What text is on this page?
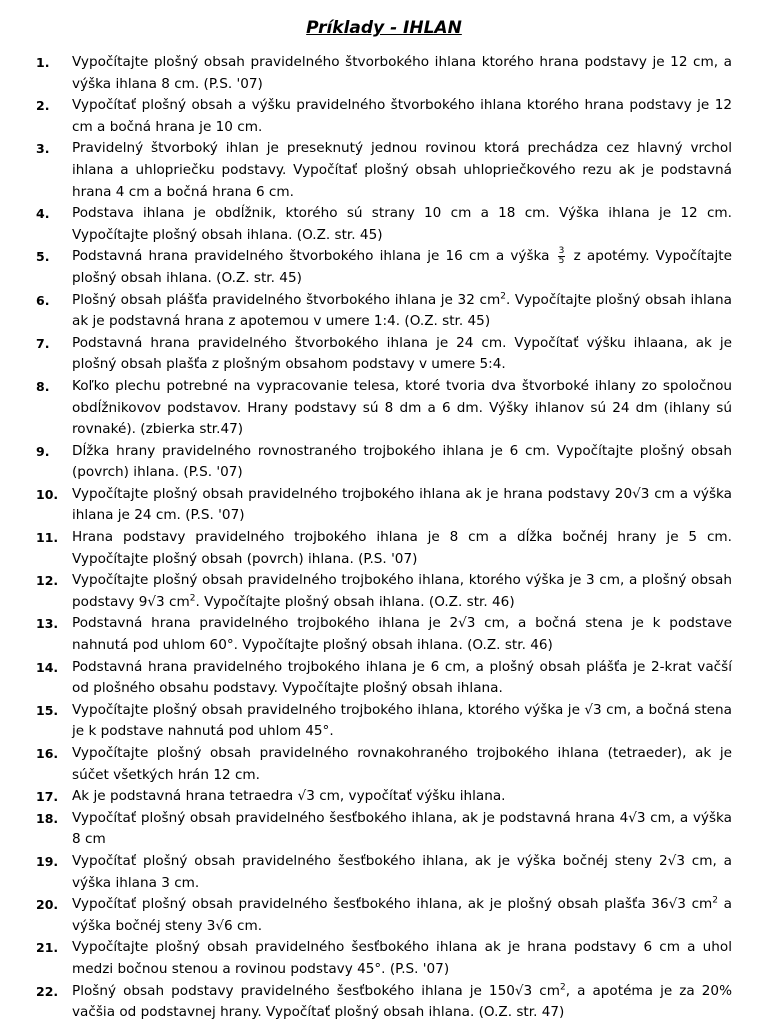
Príklady - IHLAN
1.	Vypočítajte plošný obsah pravidelného štvorbokého ihlana ktorého hrana podstavy je 12 cm, a výška ihlana 8 cm. (P.S. '07)
2.	Vypočítať plošný obsah a výšku pravidelného štvorbokého ihlana ktorého hrana podstavy je 12 cm a bočná hrana je 10 cm.
3.	Pravidelný štvorboký ihlan je preseknutý jednou rovinou ktorá prechádza cez hlavný vrchol ihlana a uhlopriečku podstavy. Vypočítať plošný obsah uhlopriečkového rezu ak je podstavná hrana 4 cm a bočná hrana 6 cm.
4.	Podstava ihlana je obdĺžnik, ktorého sú strany 10 cm a 18 cm. Výška ihlana je 12 cm. Vypočítajte plošný obsah ihlana. (O.Z. str. 45)
5.	Podstavná hrana pravidelného štvorbokého ihlana je 16 cm a výška $\frac{3}{5}$ z apotémy. Vypočítajte plošný obsah ihlana. (O.Z. str. 45)
6.	Plošný obsah plášťa pravidelného štvorbokého ihlana je 32 $cm^2$. Vypočítajte plošný obsah ihlana ak je podstavná hrana z apotemou v umere 1:4. (O.Z. str. 45)
7.	Podstavná hrana pravidelného štvorbokého ihlana je 24 cm. Vypočítať výšku ihlaana, ak je plošný obsah plašťa z plošným obsahom podstavy v umere 5:4.
8.	Koľko plechu potrebné na vypracovanie telesa, ktoré tvoria dva štvorboké ihlany zo spoločnou obdĺžnikovov podstavov. Hrany podstavy sú 8 dm a 6 dm. Výšky ihlanov sú 24 dm (ihlany sú rovnaké). (zbierka str.47)
9.	Dĺžka hrany pravidelného rovnostraného trojbokého ihlana je 6 cm. Vypočítajte plošný obsah (povrch) ihlana. (P.S. '07)
10.	Vypočítajte plošný obsah pravidelného trojbokého ihlana ak je hrana podstavy 20√3 cm a výška ihlana je 24 cm. (P.S. '07)
11.	Hrana podstavy pravidelného trojbokého ihlana je 8 cm a dĺžka bočnéj hrany je 5 cm. Vypočítajte plošný obsah (povrch) ihlana. (P.S. '07)
12.	Vypočítajte plošný obsah pravidelného trojbokého ihlana, ktorého výška je 3 cm, a plošný obsah podstavy 9√3 $cm^2$. Vypočítajte plošný obsah ihlana. (O.Z. str. 46)
13.	Podstavná hrana pravidelného trojbokého ihlana je 2√3 cm, a bočná stena je k podstave nahnutá pod uhlom 60°. Vypočítajte plošný obsah ihlana. (O.Z. str. 46)
14.	Podstavná hrana pravidelného trojbokého ihlana je 6 cm, a plošný obsah plášťa je 2-krat vačší od plošného obsahu podstavy. Vypočítajte plošný obsah ihlana.
15.	Vypočítajte plošný obsah pravidelného trojbokého ihlana, ktorého výška je √3 cm, a bočná stena je k podstave nahnutá pod uhlom 45°.
16.	Vypočítajte plošný obsah pravidelného rovnakohraného trojbokého ihlana (tetraeder), ak je súčet všetkých hrán 12 cm.
17.	Ak je podstavná hrana tetraedra √3 cm, vypočítať výšku ihlana.
18.	Vypočítať plošný obsah pravidelného šesťbokého ihlana, ak je podstavná hrana 4√3 cm, a výška 8 cm
19.	Vypočítať plošný obsah pravidelného šesťbokého ihlana, ak je výška bočnéj steny 2√3 cm, a výška ihlana 3 cm.
20.	Vypočítať plošný obsah pravidelného šesťbokého ihlana, ak je plošný obsah plašťa 36√3 $cm^2$ a výška bočnéj steny 3√6 cm.
21.	Vypočítajte plošný obsah pravidelného šesťbokého ihlana ak je hrana podstavy 6 cm a uhol medzi bočnou stenou a rovinou podstavy 45°. (P.S. '07)
22.	Plošný obsah podstavy pravidelného šesťbokého ihlana je 150√3 $cm^2$, a apotéma je za 20% vačšia od podstavnej hrany. Vypočítať plošný obsah ihlana. (O.Z. str. 47)
